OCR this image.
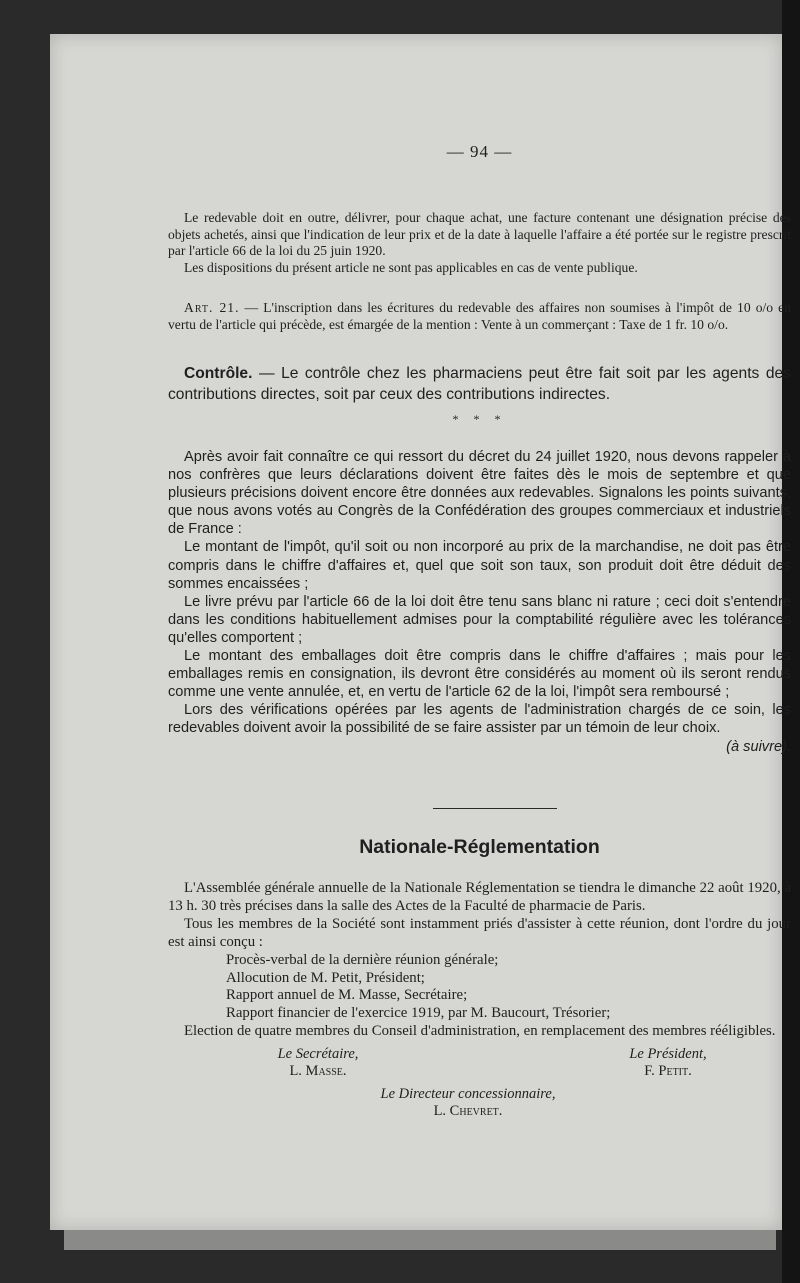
— 94 —

Le redevable doit en outre, délivrer, pour chaque achat, une facture contenant une désignation précise des objets achetés, ainsi que l'indication de leur prix et de la date à laquelle l'affaire a été portée sur le registre prescrit par l'article 66 de la loi du 25 juin 1920.

Les dispositions du présent article ne sont pas applicables en cas de vente publique.

Art. 21. — L'inscription dans les écritures du redevable des affaires non soumises à l'impôt de 10 o/o en vertu de l'article qui précède, est émargée de la mention : Vente à un commerçant : Taxe de 1 fr. 10 o/o.

Contrôle. — Le contrôle chez les pharmaciens peut être fait soit par les agents des contributions directes, soit par ceux des contributions indirectes.

* * *

Après avoir fait connaître ce qui ressort du décret du 24 juillet 1920, nous devons rappeler à nos confrères que leurs déclarations doivent être faites dès le mois de septembre et que plusieurs précisions doivent encore être données aux redevables. Signalons les points suivants, que nous avons votés au Congrès de la Confédération des groupes commerciaux et industriels de France :

Le montant de l'impôt, qu'il soit ou non incorporé au prix de la marchandise, ne doit pas être compris dans le chiffre d'affaires et, quel que soit son taux, son produit doit être déduit des sommes encaissées ;

Le livre prévu par l'article 66 de la loi doit être tenu sans blanc ni rature ; ceci doit s'entendre dans les conditions habituellement admises pour la comptabilité régulière avec les tolérances qu'elles comportent ;

Le montant des emballages doit être compris dans le chiffre d'affaires ; mais pour les emballages remis en consignation, ils devront être considérés au moment où ils seront rendus comme une vente annulée, et, en vertu de l'article 62 de la loi, l'impôt sera remboursé ;

Lors des vérifications opérées par les agents de l'administration chargés de ce soin, les redevables doivent avoir la possibilité de se faire assister par un témoin de leur choix.
(à suivre).

Nationale-Réglementation

L'Assemblée générale annuelle de la Nationale Réglementation se tiendra le dimanche 22 août 1920, à 13 h. 30 très précises dans la salle des Actes de la Faculté de pharmacie de Paris.

Tous les membres de la Société sont instamment priés d'assister à cette réunion, dont l'ordre du jour est ainsi conçu :

Procès-verbal de la dernière réunion générale;

Allocution de M. Petit, Président;

Rapport annuel de M. Masse, Secrétaire;

Rapport financier de l'exercice 1919, par M. Baucourt, Trésorier;

Election de quatre membres du Conseil d'administration, en remplacement des membres rééligibles.

Le Secrétaire,
L. Masse.
Le Président,
F. Petit.
Le Directeur concessionnaire,
L. Chevret.
